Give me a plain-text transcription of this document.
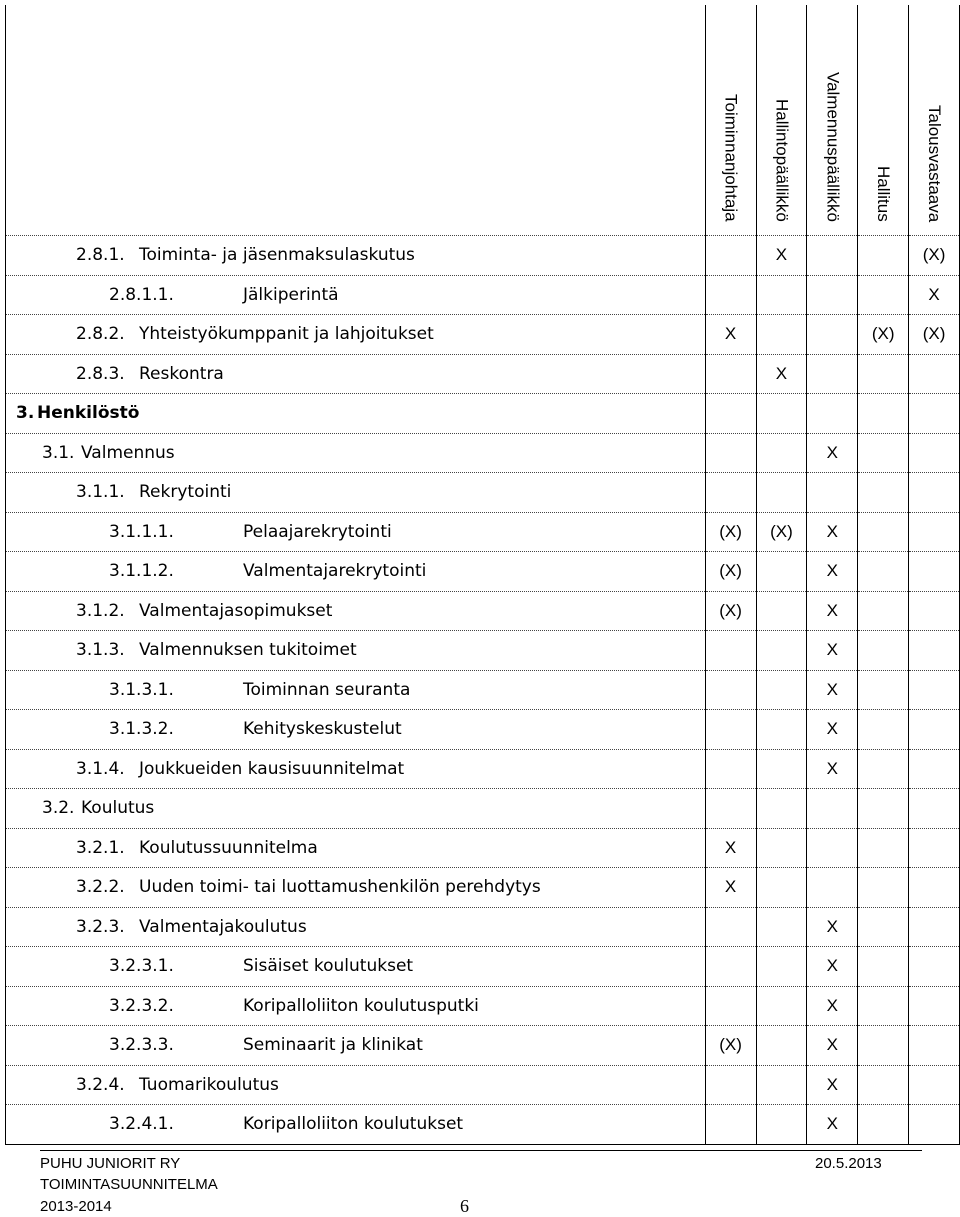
	Toiminnanjohtaja	Hallintopäällikkö	Valmennuspäällikkö	Hallitus	Talousvastaava

2.8.1. Toiminta- ja jäsenmaksulaskutus		X			(X)

2.8.1.1. Jälkiperintä					X

2.8.2. Yhteistyökumppanit ja lahjoitukset	X			(X)	(X)

2.8.3. Reskontra		X			

3. Henkilöstö					

3.1. Valmennus			X		

3.1.1. Rekrytointi					

3.1.1.1. Pelaajarekrytointi	(X)	(X)	X		

3.1.1.2. Valmentajarekrytointi	(X)		X		

3.1.2. Valmentajasopimukset	(X)		X		

3.1.3. Valmennuksen tukitoimet			X		

3.1.3.1. Toiminnan seuranta			X		

3.1.3.2. Kehityskeskustelut			X		

3.1.4. Joukkueiden kausisuunnitelmat			X		

3.2. Koulutus					

3.2.1. Koulutussuunnitelma	X				

3.2.2. Uuden toimi- tai luottamushenkilön perehdytys	X				

3.2.3. Valmentajakoulutus			X		

3.2.3.1. Sisäiset koulutukset			X		

3.2.3.2. Koripalloliiton koulutusputki			X		

3.2.3.3. Seminaarit ja klinikat	(X)		X		

3.2.4. Tuomarikoulutus			X		

3.2.4.1. Koripalloliiton koulutukset			X		
PUHU JUNIORIT RY
TOIMINTASUUNNITELMA
2013-2014	6
20.5.2013
